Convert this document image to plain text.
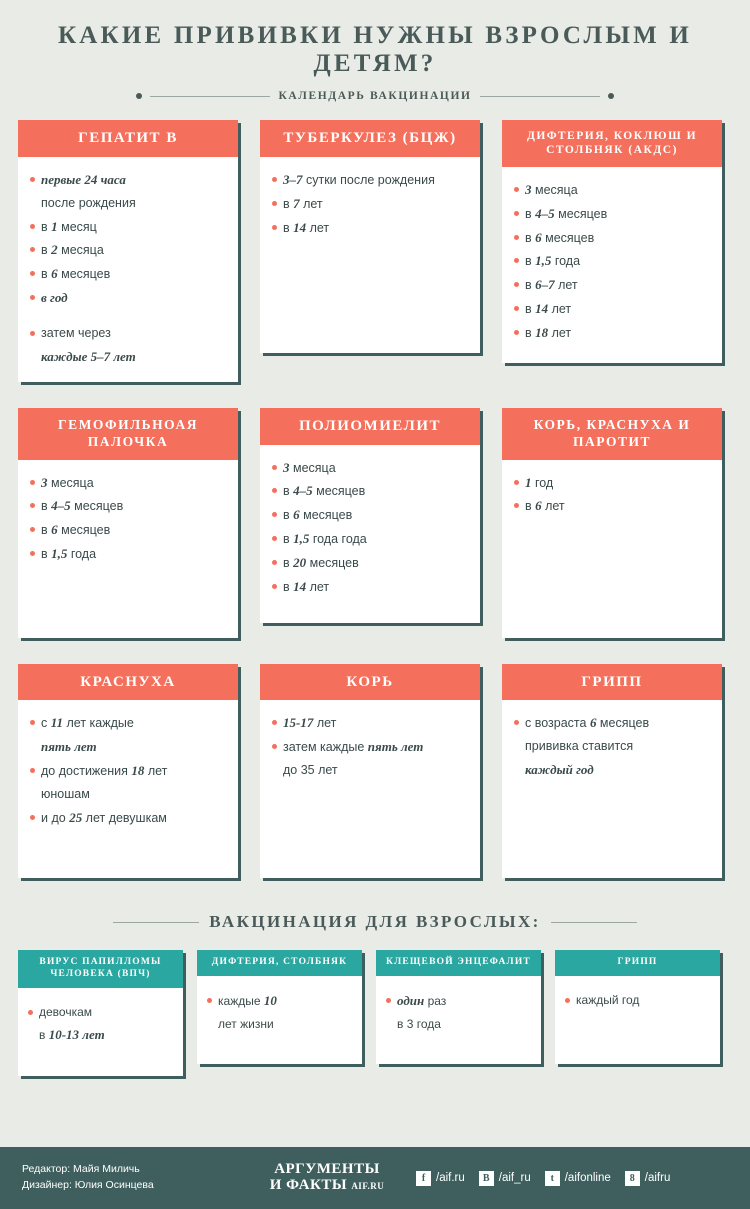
КАКИЕ ПРИВИВКИ НУЖНЫ ВЗРОСЛЫМ И ДЕТЯМ?
КАЛЕНДАРЬ ВАКЦИНАЦИИ
ГЕПАТИТ В
первые 24 часа
после рождения
в 1 месяц
в 2 месяца
в 6 месяцев
в год
затем через
каждые 5–7 лет
ТУБЕРКУЛЕЗ (БЦЖ)
3–7 сутки после рождения
в 7 лет
в 14 лет
ДИФТЕРИЯ, КОКЛЮШ И СТОЛБНЯК (АКДС)
3 месяца
в 4–5 месяцев
в 6 месяцев
в 1,5 года
в 6–7 лет
в 14 лет
в 18 лет
ГЕМОФИЛЬНОАЯ ПАЛОЧКА
3 месяца
в 4–5 месяцев
в 6 месяцев
в 1,5 года
ПОЛИОМИЕЛИТ
3 месяца
в 4–5 месяцев
в 6 месяцев
в 1,5 года года
в 20 месяцев
в 14 лет
КОРЬ, КРАСНУХА И ПАРОТИТ
1 год
в 6 лет
КРАСНУХА
с 11 лет каждые
пять лет
до достижения 18 лет
юношам
и до 25 лет девушкам
КОРЬ
15-17 лет
затем каждые пять лет
до 35 лет
ГРИПП
с возраста 6 месяцев
прививка ставится
каждый год
ВАКЦИНАЦИЯ ДЛЯ ВЗРОСЛЫХ:
ВИРУС ПАПИЛЛОМЫ ЧЕЛОВЕКА (ВПЧ)
девочкам
в 10-13 лет
ДИФТЕРИЯ, СТОЛБНЯК
каждые 10
лет жизни
КЛЕЩЕВОЙ ЭНЦЕФАЛИТ
один раз
в 3 года
ГРИПП
каждый год
Редактор: Майя Миличь
Дизайнер: Юлия Осинцева
АРГУМЕНТЫ
И ФАКТЫ AIF.RU
f /aif.ru	B /aif_ru	t /aifonline	8 /aifru
